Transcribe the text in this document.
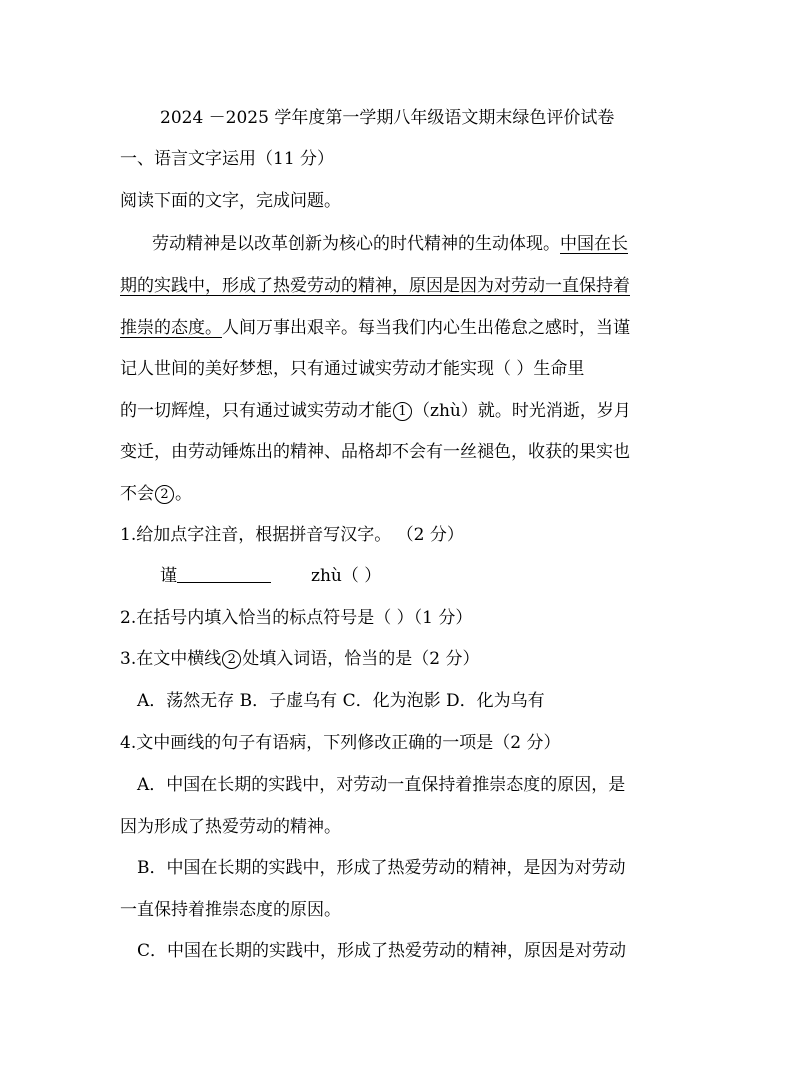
2024 －2025 学年度第一学期八年级语文期末绿色评价试卷
一、语言文字运用（11 分）
阅读下面的文字，完成问题。
劳动精神是以改革创新为核心的时代精神的生动体现。中国在长
期的实践中，形成了热爱劳动的精神，原因是因为对劳动一直保持着
推崇的态度。人间万事出艰辛。每当我们内心生出倦怠之感时，当谨
记人世间的美好梦想，只有通过诚实劳动才能实现（ ）生命里
的一切辉煌，只有通过诚实劳动才能 1 （zhù）就。时光消逝，岁月
变迁，由劳动锤炼出的精神、品格却不会有一丝褪色，收获的果实也
不会 2 。
1.给加点字注音，根据拼音写汉字。 （2 分）
谨	zhù（ ）
2.在括号内填入恰当的标点符号是（ ）（1 分）
3.在文中横线 2 处填入词语，恰当的是（2 分）
A．荡然无存 B．子虚乌有 C．化为泡影 D．化为乌有
4.文中画线的句子有语病，下列修改正确的一项是（2 分）
A．中国在长期的实践中，对劳动一直保持着推崇态度的原因，是
因为形成了热爱劳动的精神。
B．中国在长期的实践中，形成了热爱劳动的精神，是因为对劳动
一直保持着推崇态度的原因。
C．中国在长期的实践中，形成了热爱劳动的精神，原因是对劳动
